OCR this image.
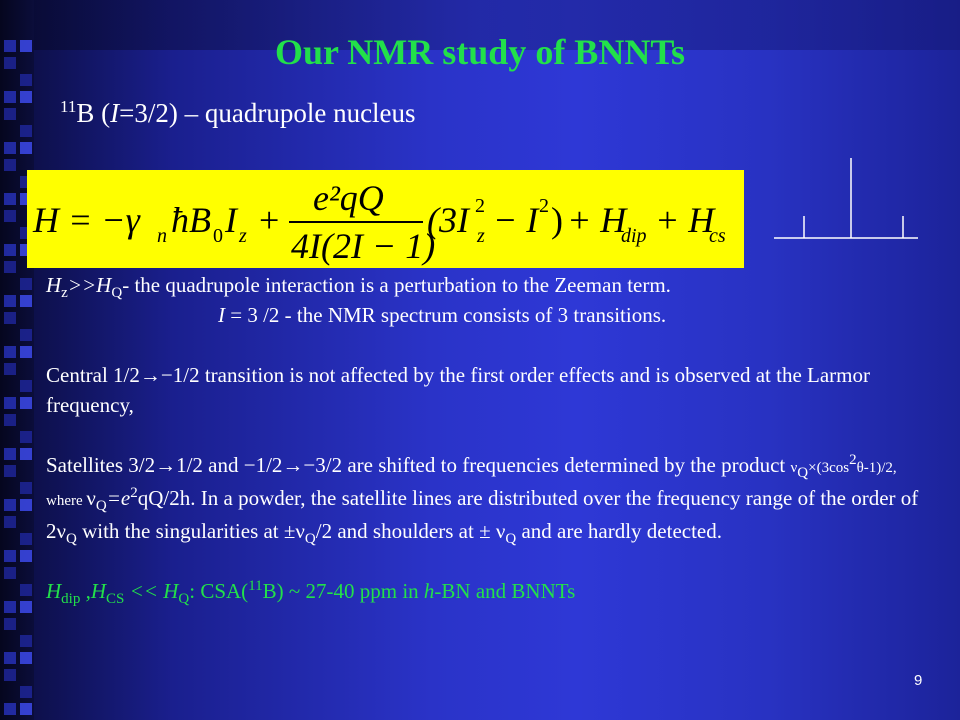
Our NMR study of BNNTs
$^{11}$B (I=3/2) – quadrupole nucleus
H = −γ n ħB 0 I z +
e²qQ
4I(2I − 1)
(3I z
2 − I 2 ) + H
dip + H
cs

$H_z>>H_Q-$ the quadrupole interaction is a perturbation to the Zeeman term.

I = 3 /2 - the NMR spectrum consists of 3 transitions.

Central 1/2→−1/2 transition is not affected by the first order effects and is observed at the Larmor frequency,

Satellites 3/2→1/2 and −1/2→−3/2 are shifted to frequencies determined by the product $\nu_Q\times(3\cos^2\theta-1)/2$, where $\nu_Q=e^2qQ/2h$. In a powder, the satellite lines are distributed over the frequency range of the order of $2\nu_Q$ with the singularities at $\pm\nu_Q/2$ and shoulders at ± $\nu_Q$ and are hardly detected.

$H_{dip}$ $,H_{CS} << H_Q$: CSA($^{11}$B) ~ 27-40 ppm in h-BN and BNNTs

9
